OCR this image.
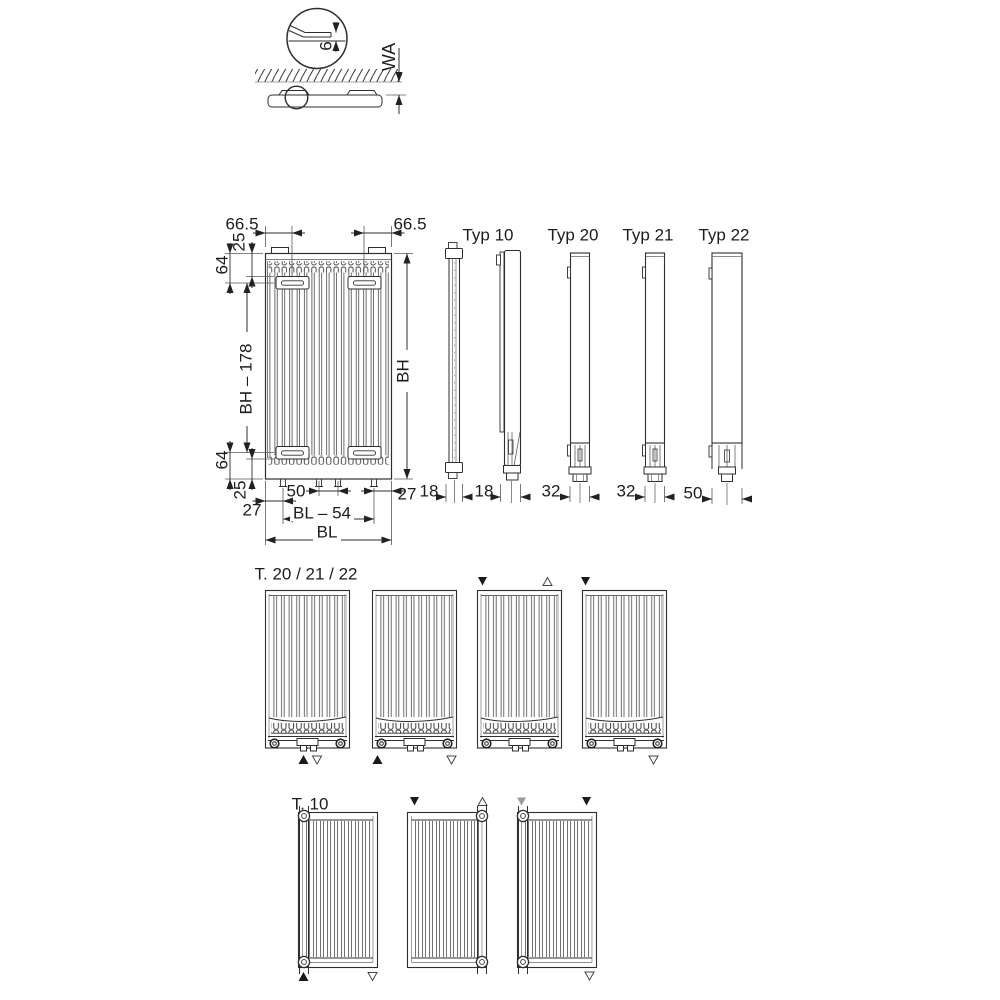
6 WA
66.5	66.5
25
64
BH – 178	BH
64
25
27
50	27
BL – 54
BL
18
Typ 10
18
Typ 20
32
Typ 21
32
Typ 22
50
T. 20 / 21 / 22
T. 10
